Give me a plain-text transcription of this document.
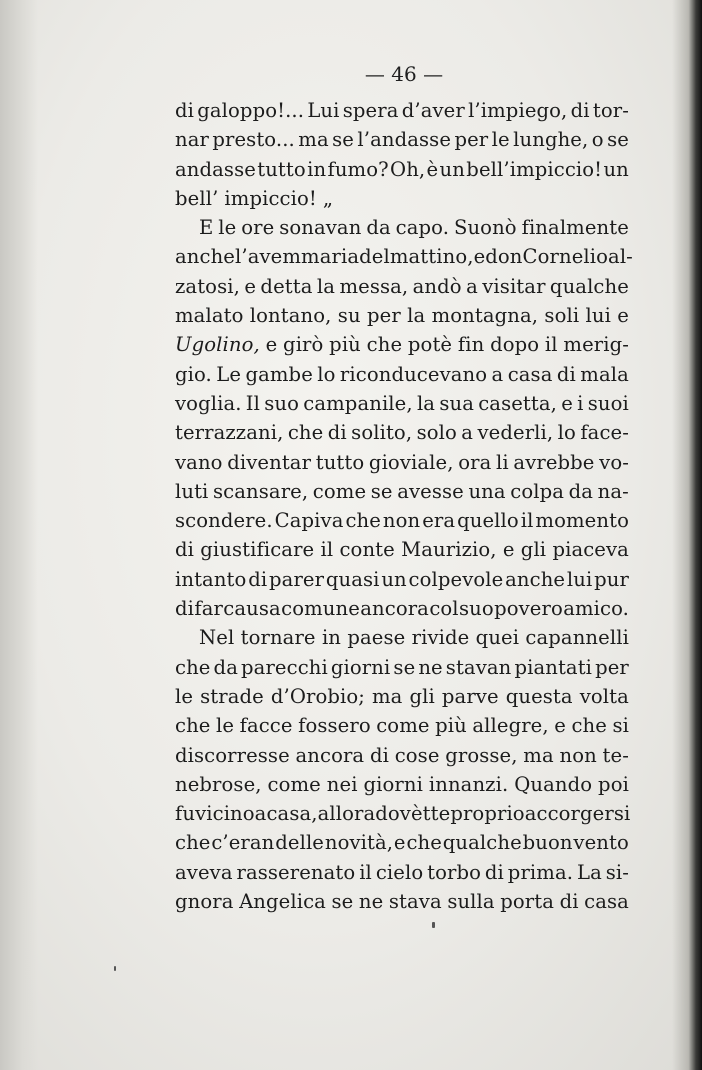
— 46 —
di galoppo!... Lui spera d’aver l’impiego, di tor-
nar presto... ma se l’andasse per le lunghe, o se
andasse tutto in fumo? Oh, è un bell’impiccio! un
bell’ impiccio! „
E le ore sonavan da capo. Suonò finalmente
anche l’avemmaria del mattino, e don Cornelio al-
zatosi, e detta la messa, andò a visitar qualche
malato lontano, su per la montagna, soli lui e
Ugolino, e girò più che potè fin dopo il merig-
gio. Le gambe lo riconducevano a casa di mala
voglia. Il suo campanile, la sua casetta, e i suoi
terrazzani, che di solito, solo a vederli, lo face-
vano diventar tutto gioviale, ora li avrebbe vo-
luti scansare, come se avesse una colpa da na-
scondere. Capiva che non era quello il momento
di giustificare il conte Maurizio, e gli piaceva
intanto di parer quasi un colpevole anche lui pur
di far causa comune ancora col suo povero amico.
Nel tornare in paese rivide quei capannelli
che da parecchi giorni se ne stavan piantati per
le strade d’Orobio; ma gli parve questa volta
che le facce fossero come più allegre, e che si
discorresse ancora di cose grosse, ma non te-
nebrose, come nei giorni innanzi. Quando poi
fu vicino a casa, allora dovètte proprio accorgersi
che c’eran delle novità, e che qualche buon vento
aveva rasserenato il cielo torbo di prima. La si-
gnora Angelica se ne stava sulla porta di casa
